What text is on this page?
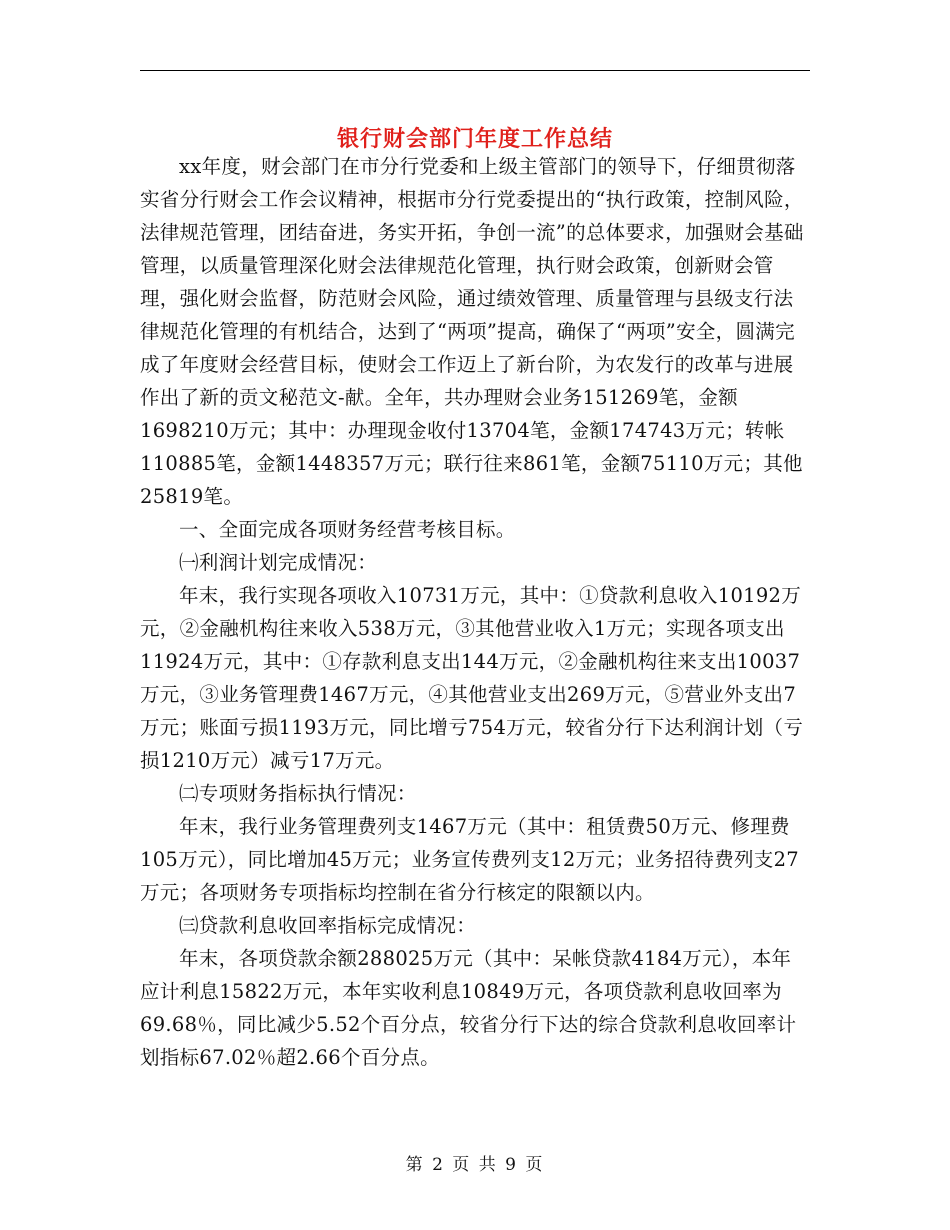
银行财会部门年度工作总结

xx年度，财会部门在市分行党委和上级主管部门的领导下，仔细贯彻落实省分行财会工作会议精神，根据市分行党委提出的“执行政策，控制风险，法律规范管理，团结奋进，务实开拓，争创一流”的总体要求，加强财会基础管理，以质量管理深化财会法律规范化管理，执行财会政策，创新财会管理，强化财会监督，防范财会风险，通过绩效管理、质量管理与县级支行法律规范化管理的有机结合，达到了“两项”提高，确保了“两项”安全，圆满完成了年度财会经营目标，使财会工作迈上了新台阶，为农发行的改革与进展作出了新的贡文秘范文-献。全年，共办理财会业务151269笔，金额1698210万元；其中：办理现金收付13704笔，金额174743万元；转帐110885笔，金额1448357万元；联行往来861笔，金额75110万元；其他25819笔。

一、全面完成各项财务经营考核目标。

㈠利润计划完成情况：

年末，我行实现各项收入10731万元，其中：①贷款利息收入10192万元，②金融机构往来收入538万元，③其他营业收入1万元；实现各项支出11924万元，其中：①存款利息支出144万元，②金融机构往来支出10037万元，③业务管理费1467万元，④其他营业支出269万元，⑤营业外支出7万元；账面亏损1193万元，同比增亏754万元，较省分行下达利润计划（亏损1210万元）减亏17万元。

㈡专项财务指标执行情况：

年末，我行业务管理费列支1467万元（其中：租赁费50万元、修理费105万元），同比增加45万元；业务宣传费列支12万元；业务招待费列支27万元；各项财务专项指标均控制在省分行核定的限额以内。

㈢贷款利息收回率指标完成情况：

年末，各项贷款余额288025万元（其中：呆帐贷款4184万元），本年应计利息15822万元，本年实收利息10849万元，各项贷款利息收回率为69.68％，同比减少5.52个百分点，较省分行下达的综合贷款利息收回率计划指标67.02％超2.66个百分点。

第 2 页 共 9 页
